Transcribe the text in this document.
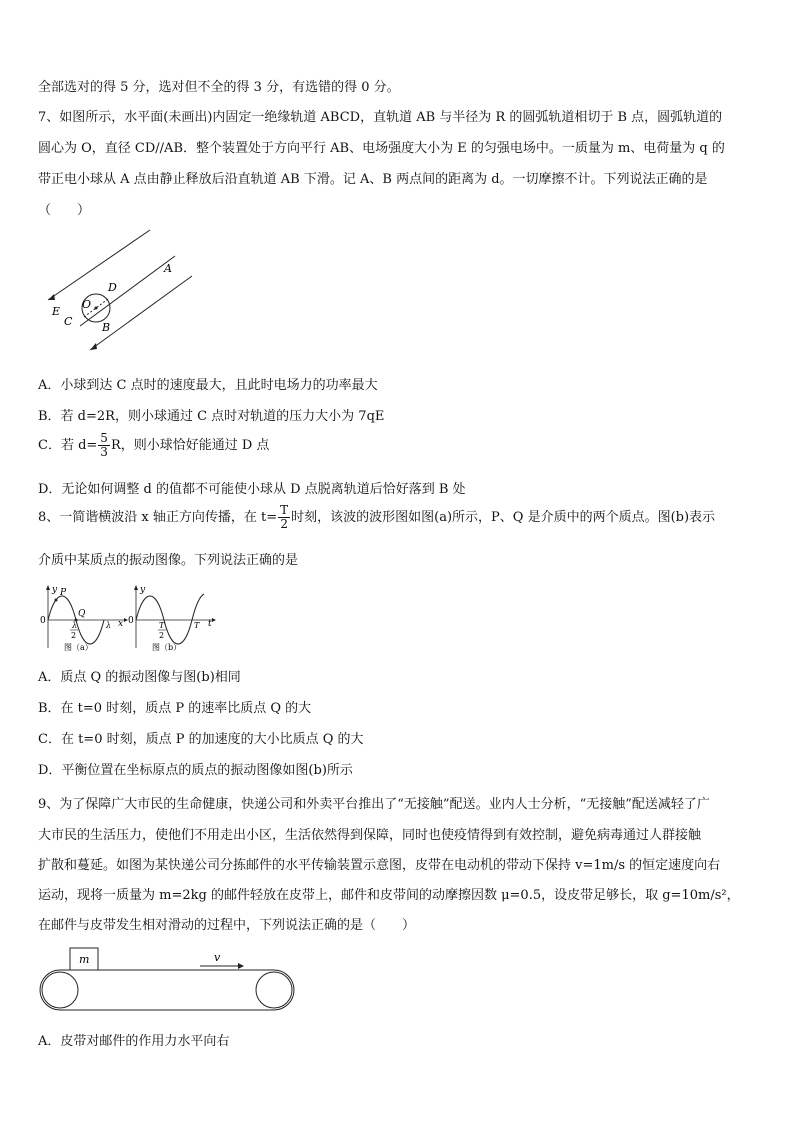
全部选对的得 5 分，选对但不全的得 3 分，有选错的得 0 分。
7、如图所示，水平面(未画出)内固定一绝缘轨道 ABCD，直轨道 AB 与半径为 R 的圆弧轨道相切于 B 点，圆弧轨道的
圆心为 O，直径 CD//AB．整个装置处于方向平行 AB、电场强度大小为 E 的匀强电场中。一质量为 m、电荷量为 q 的
带正电小球从 A 点由静止释放后沿直轨道 AB 下滑。记 A、B 两点间的距离为 d。一切摩擦不计。下列说法正确的是
（　　）
A
D
O
E
C	B
A．小球到达 C 点时的速度最大，且此时电场力的功率最大
B．若 d=2R，则小球通过 C 点时对轨道的压力大小为 7qE
C．若 $d= \frac{5}{3}$ R，则小球恰好能通过 D 点
D．无论如何调整 d 的值都不可能使小球从 D 点脱离轨道后恰好落到 B 处
8、一简谐横波沿 x 轴正方向传播，在 $t= \frac{T}{2}$ 时刻，该波的波形图如图(a)所示，P、Q 是介质中的两个质点。图(b)表示
介质中某质点的振动图像。下列说法正确的是
y P
Q
0	λ
2
λ x
图（a）
y
0	T
2
T t
图（b）
A．质点 Q 的振动图像与图(b)相同
B．在 t=0 时刻，质点 P 的速率比质点 Q 的大
C．在 t=0 时刻，质点 P 的加速度的大小比质点 Q 的大
D．平衡位置在坐标原点的质点的振动图像如图(b)所示
9、为了保障广大市民的生命健康，快递公司和外卖平台推出了“无接触”配送。业内人士分析，“无接触”配送减轻了广
大市民的生活压力，使他们不用走出小区，生活依然得到保障，同时也使疫情得到有效控制，避免病毒通过人群接触
扩散和蔓延。如图为某快递公司分拣邮件的水平传输装置示意图，皮带在电动机的带动下保持 v=1m/s 的恒定速度向右
运动，现将一质量为 m=2kg 的邮件轻放在皮带上，邮件和皮带间的动摩擦因数 μ=0.5，设皮带足够长，取 g=10m/s²，
在邮件与皮带发生相对滑动的过程中，下列说法正确的是（　　）
m	v
A．皮带对邮件的作用力水平向右
